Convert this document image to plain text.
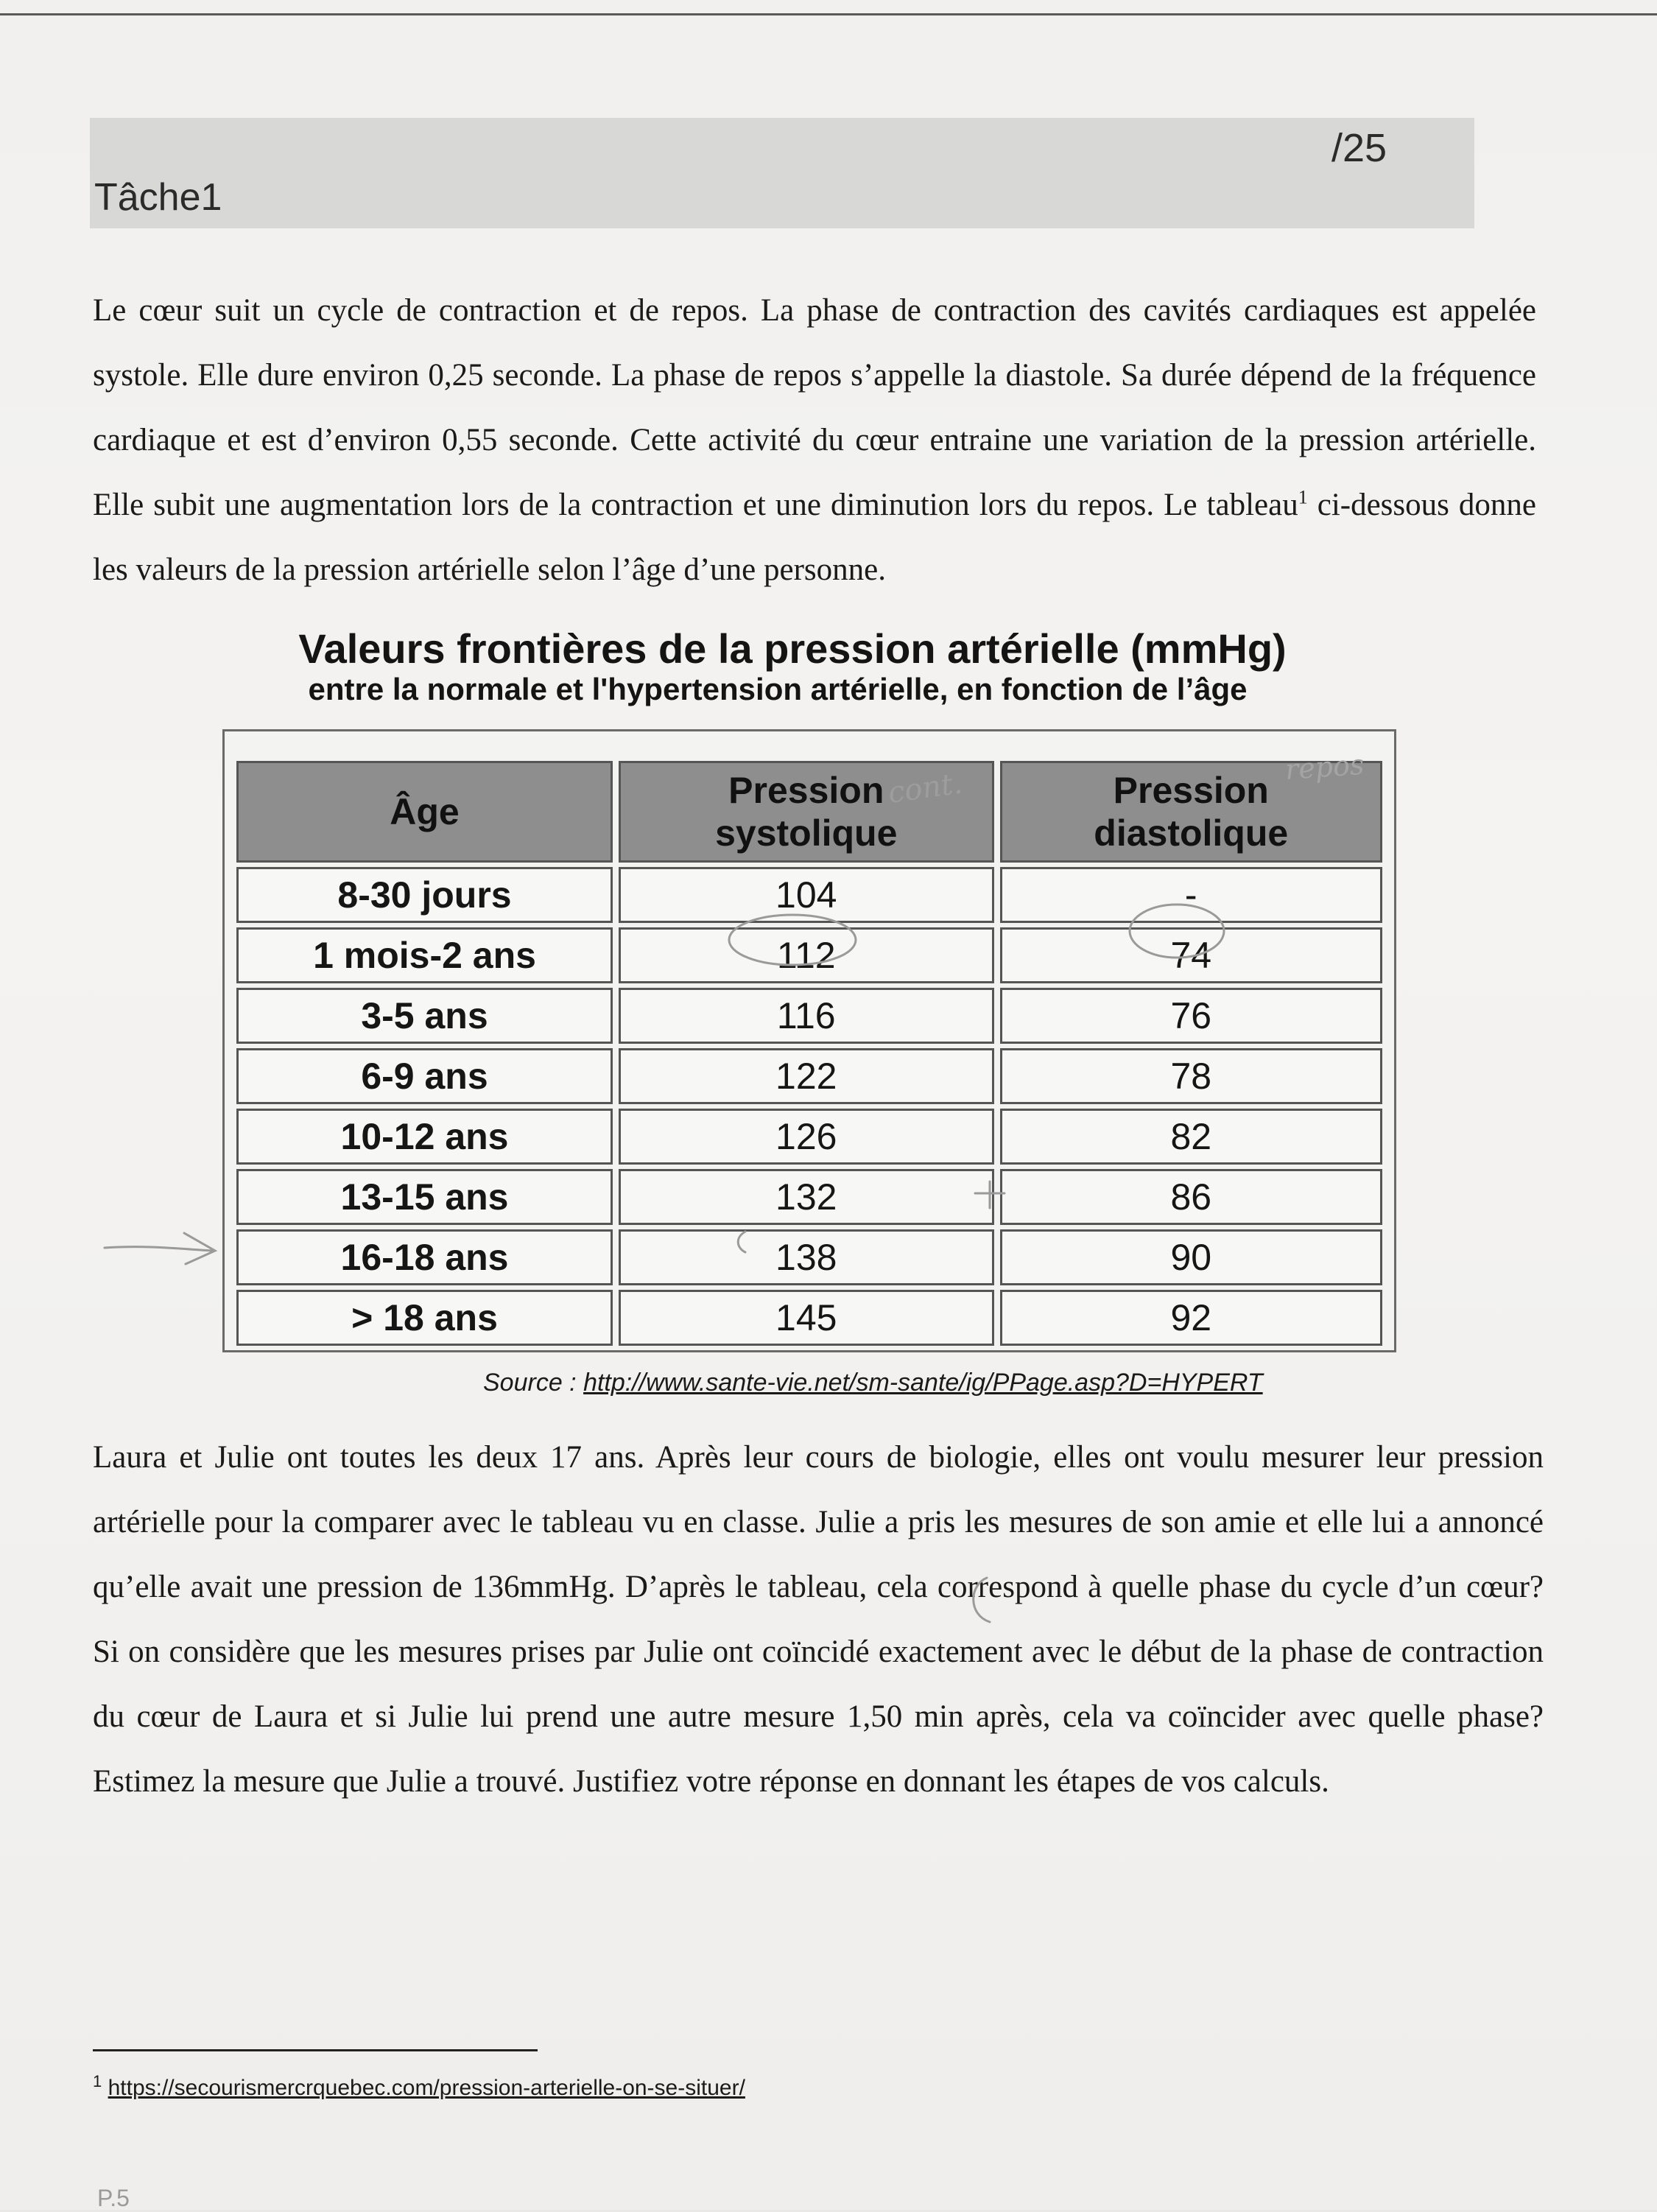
Tâche1
/25
Le cœur suit un cycle de contraction et de repos. La phase de contraction des cavités cardiaques est appelée systole. Elle dure environ 0,25 seconde. La phase de repos s’appelle la diastole. Sa durée dépend de la fréquence cardiaque et est d’environ 0,55 seconde. Cette activité du cœur entraine une variation de la pression artérielle. Elle subit une augmentation lors de la contraction et une diminution lors du repos. Le tableau$^1$ ci-dessous donne les valeurs de la pression artérielle selon l’âge d’une personne.
Valeurs frontières de la pression artérielle (mmHg)
entre la normale et l'hypertension artérielle, en fonction de l’âge
Âge	Pression systolique	Pression diastolique
8-30 jours	104	-
1 mois-2 ans	112	74
3-5 ans	116	76
6-9 ans	122	78
10-12 ans	126	82
13-15 ans	132	86
16-18 ans	138	90
> 18 ans	145	92
Source : http://www.sante-vie.net/sm-sante/ig/PPage.asp?D=HYPERT
Laura et Julie ont toutes les deux 17 ans. Après leur cours de biologie, elles ont voulu mesurer leur pression artérielle pour la comparer avec le tableau vu en classe. Julie a pris les mesures de son amie et elle lui a annoncé qu’elle avait une pression de 136mmHg. D’après le tableau, cela correspond à quelle phase du cycle d’un cœur? Si on considère que les mesures prises par Julie ont coïncidé exactement avec le début de la phase de contraction du cœur de Laura et si Julie lui prend une autre mesure 1,50 min après, cela va coïncider avec quelle phase? Estimez la mesure que Julie a trouvé. Justifiez votre réponse en donnant les étapes de vos calculs.
$^1$ https://secourismercrquebec.com/pression-arterielle-on-se-situer/
P.5
cont.	repos
